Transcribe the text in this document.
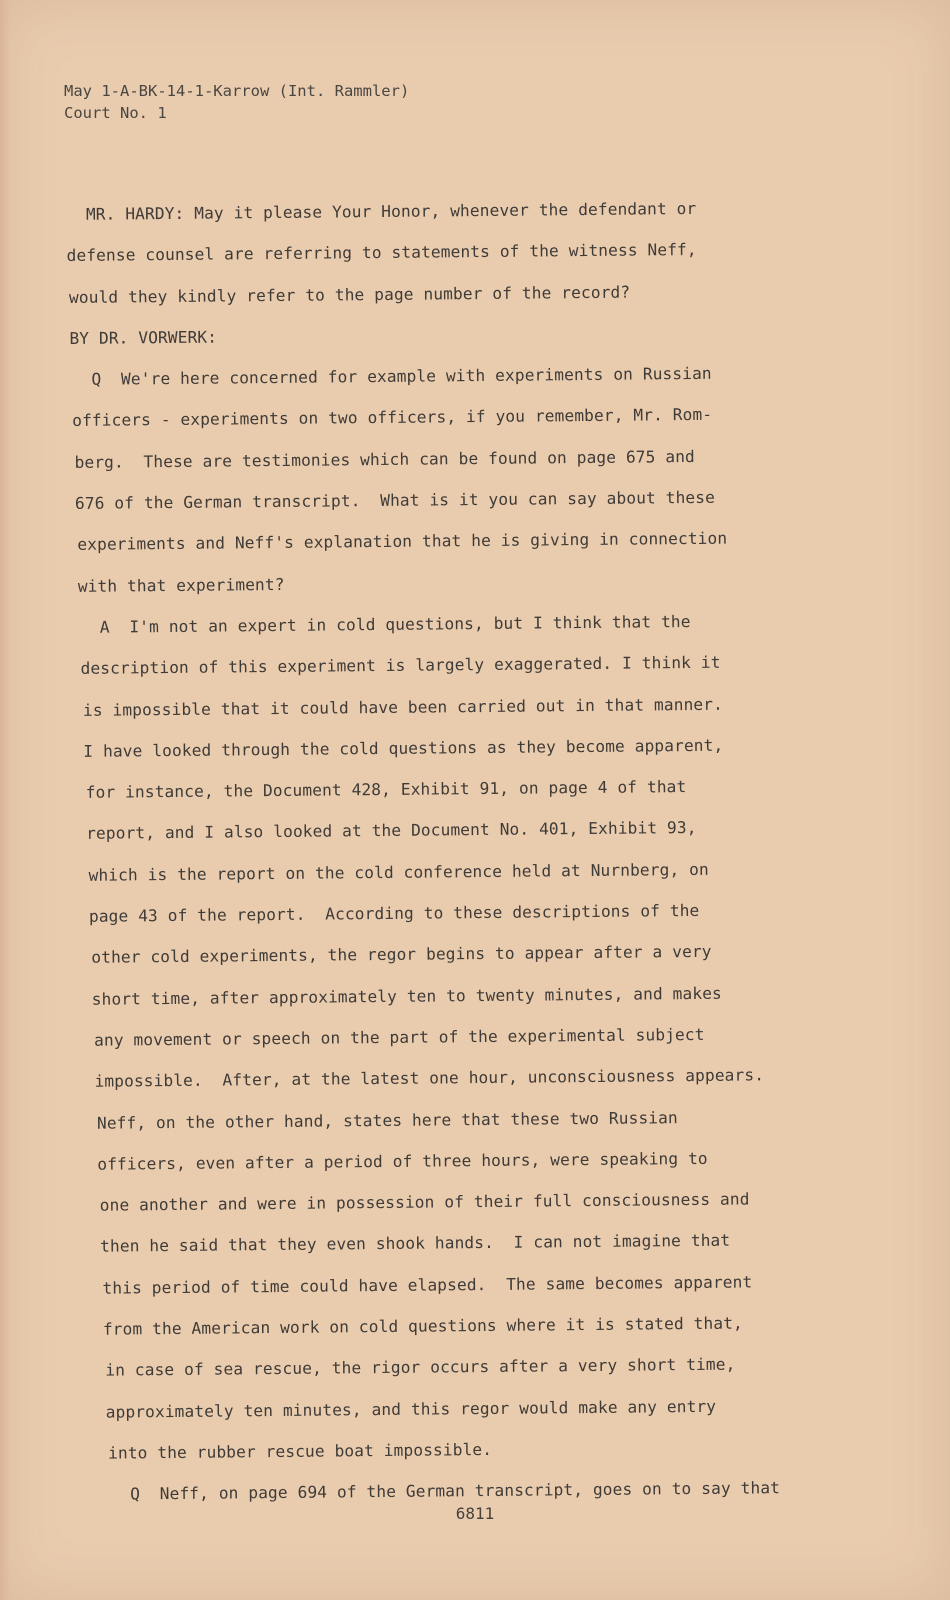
May 1-A-BK-14-1-Karrow (Int. Rammler)
Court No. 1
MR. HARDY: May it please Your Honor, whenever the defendant or
defense counsel are referring to statements of the witness Neff,
would they kindly refer to the page number of the record?
BY DR. VORWERK:
Q  We're here concerned for example with experiments on Russian
officers - experiments on two officers, if you remember, Mr. Rom-
berg.  These are testimonies which can be found on page 675 and
676 of the German transcript.  What is it you can say about these
experiments and Neff's explanation that he is giving in connection
with that experiment?
A  I'm not an expert in cold questions, but I think that the
description of this experiment is largely exaggerated. I think it
is impossible that it could have been carried out in that manner.
I have looked through the cold questions as they become apparent,
for instance, the Document 428, Exhibit 91, on page 4 of that
report, and I also looked at the Document No. 401, Exhibit 93,
which is the report on the cold conference held at Nurnberg, on
page 43 of the report.  According to these descriptions of the
other cold experiments, the regor begins to appear after a very
short time, after approximately ten to twenty minutes, and makes
any movement or speech on the part of the experimental subject
impossible.  After, at the latest one hour, unconsciousness appears.
Neff, on the other hand, states here that these two Russian
officers, even after a period of three hours, were speaking to
one another and were in possession of their full consciousness and
then he said that they even shook hands.  I can not imagine that
this period of time could have elapsed.  The same becomes apparent
from the American work on cold questions where it is stated that,
in case of sea rescue, the rigor occurs after a very short time,
approximately ten minutes, and this regor would make any entry
into the rubber rescue boat impossible.
Q  Neff, on page 694 of the German transcript, goes on to say that
6811
